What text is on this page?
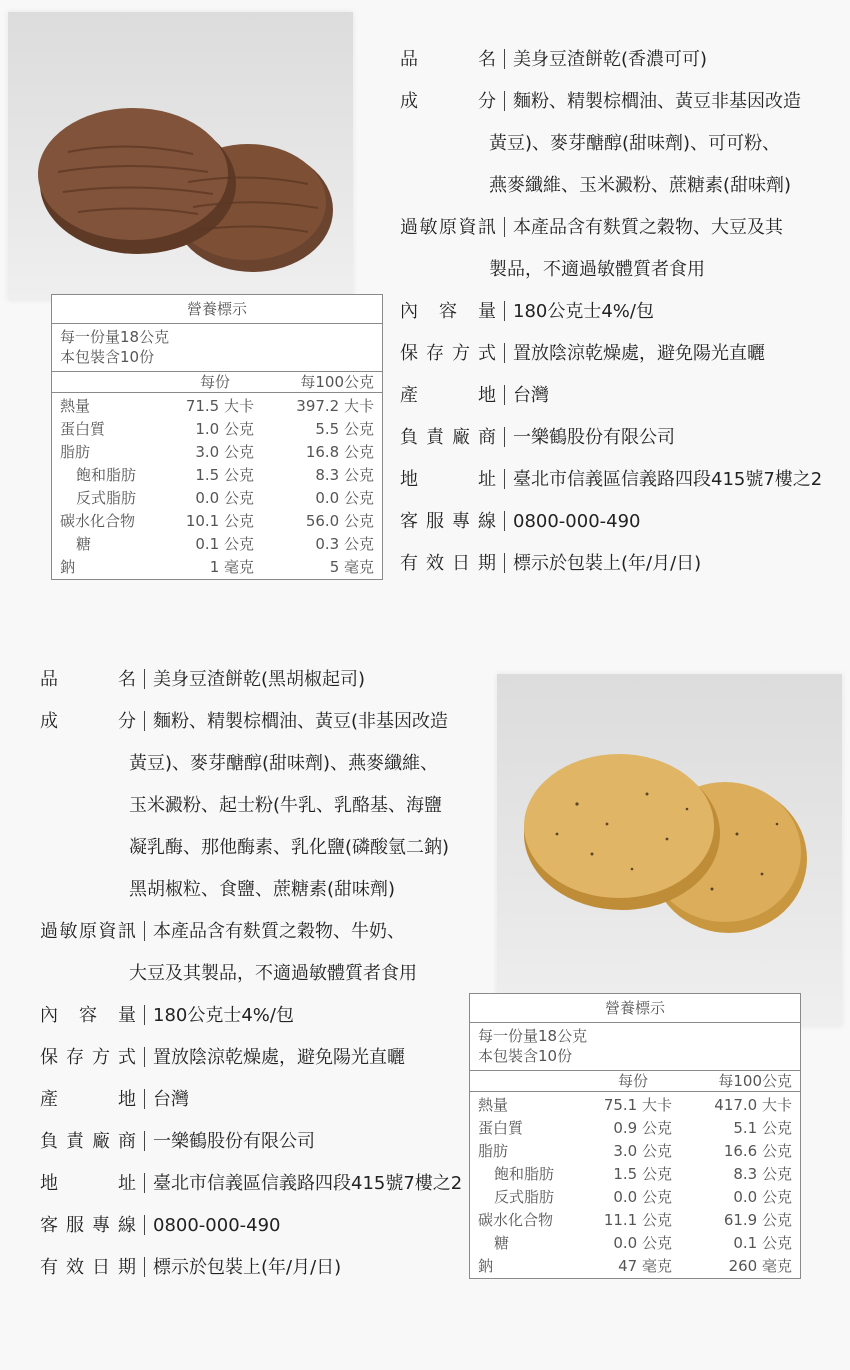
營養標示
每一份量18公克
本包裝含10份
每份	每100公克
熱量	71.5 大卡	397.2 大卡
蛋白質	1.0 公克	5.5 公克
脂肪	3.0 公克	16.8 公克
飽和脂肪	1.5 公克	8.3 公克
反式脂肪	0.0 公克	0.0 公克
碳水化合物	10.1 公克	56.0 公克
糖	0.1 公克	0.3 公克
鈉	1 毫克	5 毫克
品　　名 美身豆渣餅乾(香濃可可)
成　　分 麵粉、精製棕櫚油、黃豆非基因改造
黃豆)、麥芽醣醇(甜味劑)、可可粉、
燕麥纖維、玉米澱粉、蔗糖素(甜味劑)
過敏原資訊 本產品含有麩質之穀物、大豆及其
製品，不適過敏體質者食用
內 容 量 180公克士4%/包
保存方式 置放陰涼乾燥處，避免陽光直曬
產　　地 台灣
負責廠商 一樂鶴股份有限公司
地　　址 臺北市信義區信義路四段415號7樓之2
客服專線 0800-000-490
有效日期 標示於包裝上(年/月/日)
營養標示
每一份量18公克
本包裝含10份
每份	每100公克
熱量	75.1 大卡	417.0 大卡
蛋白質	0.9 公克	5.1 公克
脂肪	3.0 公克	16.6 公克
飽和脂肪	1.5 公克	8.3 公克
反式脂肪	0.0 公克	0.0 公克
碳水化合物	11.1 公克	61.9 公克
糖	0.0 公克	0.1 公克
鈉	47 毫克	260 毫克
品　　名 美身豆渣餅乾(黑胡椒起司)
成　　分 麵粉、精製棕櫚油、黃豆(非基因改造
黃豆)、麥芽醣醇(甜味劑)、燕麥纖維、
玉米澱粉、起士粉(牛乳、乳酪基、海鹽
凝乳酶、那他酶素、乳化鹽(磷酸氫二鈉)
黑胡椒粒、食鹽、蔗糖素(甜味劑)
過敏原資訊 本產品含有麩質之穀物、牛奶、
大豆及其製品，不適過敏體質者食用
內 容 量 180公克士4%/包
保存方式 置放陰涼乾燥處，避免陽光直曬
產　　地 台灣
負責廠商 一樂鶴股份有限公司
地　　址 臺北市信義區信義路四段415號7樓之2
客服專線 0800-000-490
有效日期 標示於包裝上(年/月/日)
